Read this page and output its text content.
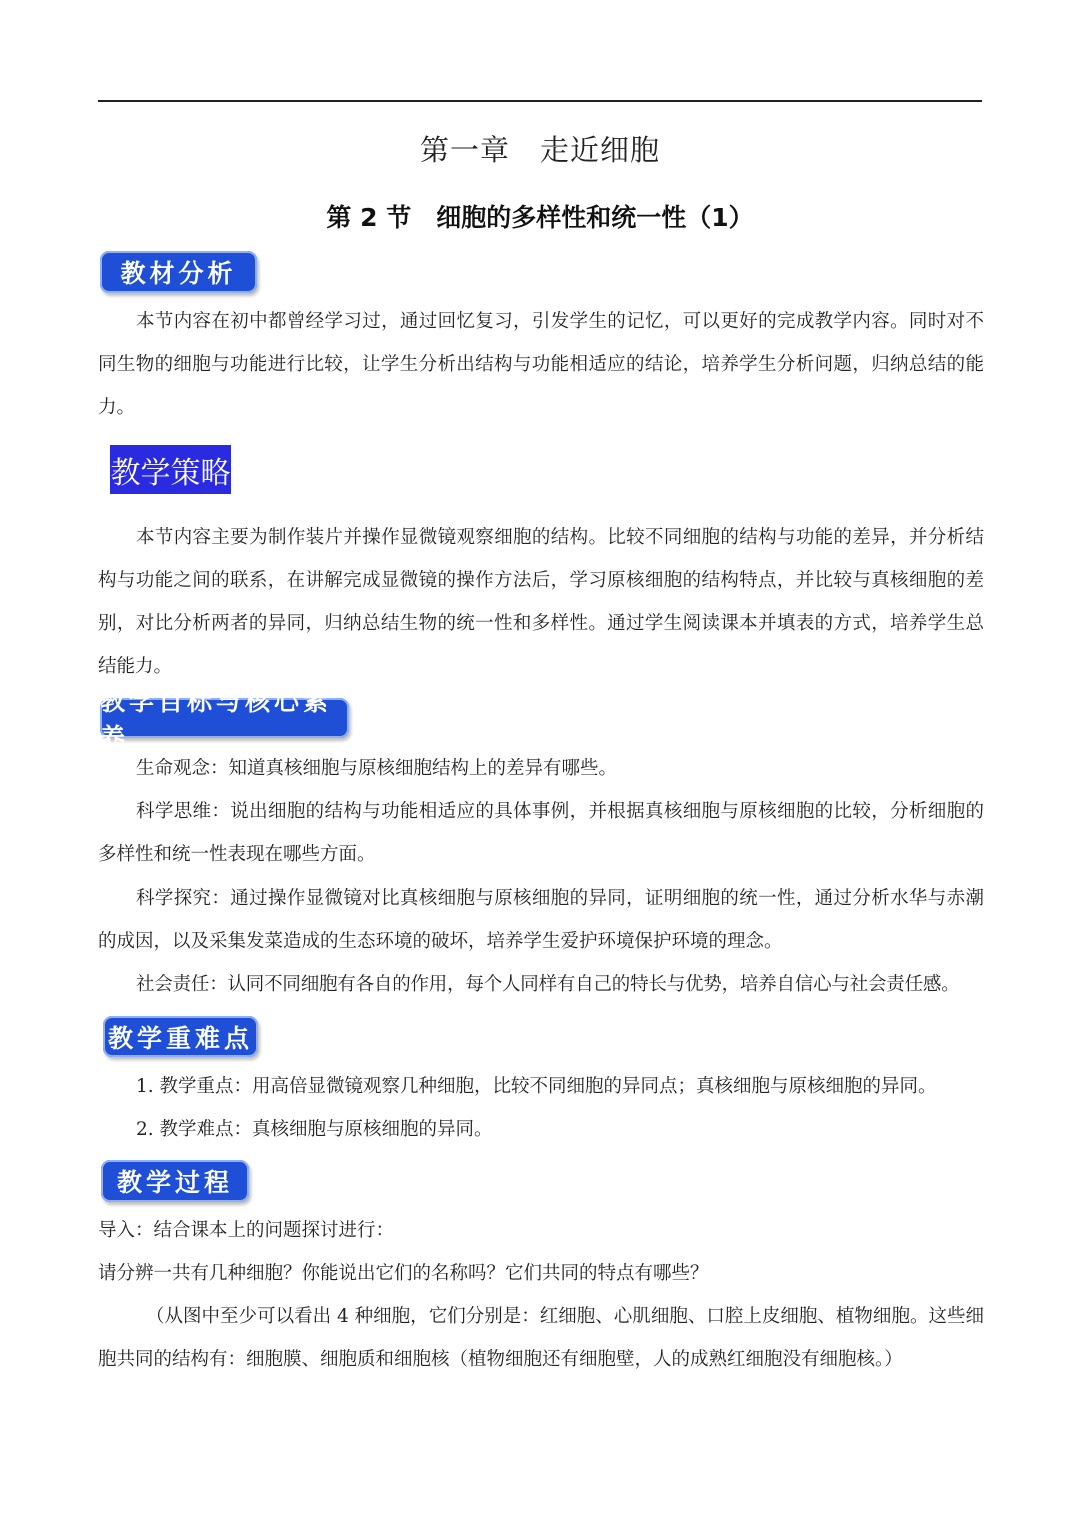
第一章　走近细胞
第 2 节　细胞的多样性和统一性（1）
教材分析
本节内容在初中都曾经学习过，通过回忆复习，引发学生的记忆，可以更好的完成教学内容。同时对不同生物的细胞与功能进行比较，让学生分析出结构与功能相适应的结论，培养学生分析问题，归纳总结的能力。
教学策略
本节内容主要为制作装片并操作显微镜观察细胞的结构。比较不同细胞的结构与功能的差异，并分析结构与功能之间的联系，在讲解完成显微镜的操作方法后，学习原核细胞的结构特点，并比较与真核细胞的差别，对比分析两者的异同，归纳总结生物的统一性和多样性。通过学生阅读课本并填表的方式，培养学生总结能力。
教学目标与核心素养
生命观念：知道真核细胞与原核细胞结构上的差异有哪些。
科学思维：说出细胞的结构与功能相适应的具体事例，并根据真核细胞与原核细胞的比较，分析细胞的多样性和统一性表现在哪些方面。
科学探究：通过操作显微镜对比真核细胞与原核细胞的异同，证明细胞的统一性，通过分析水华与赤潮的成因，以及采集发菜造成的生态环境的破坏，培养学生爱护环境保护环境的理念。
社会责任：认同不同细胞有各自的作用，每个人同样有自己的特长与优势，培养自信心与社会责任感。
教学重难点
1. 教学重点：用高倍显微镜观察几种细胞，比较不同细胞的异同点；真核细胞与原核细胞的异同。
2. 教学难点：真核细胞与原核细胞的异同。
教学过程
导入：结合课本上的问题探讨进行：
请分辨一共有几种细胞？你能说出它们的名称吗？它们共同的特点有哪些？
（从图中至少可以看出 4 种细胞，它们分别是：红细胞、心肌细胞、口腔上皮细胞、植物细胞。这些细胞共同的结构有：细胞膜、细胞质和细胞核（植物细胞还有细胞壁，人的成熟红细胞没有细胞核。）
